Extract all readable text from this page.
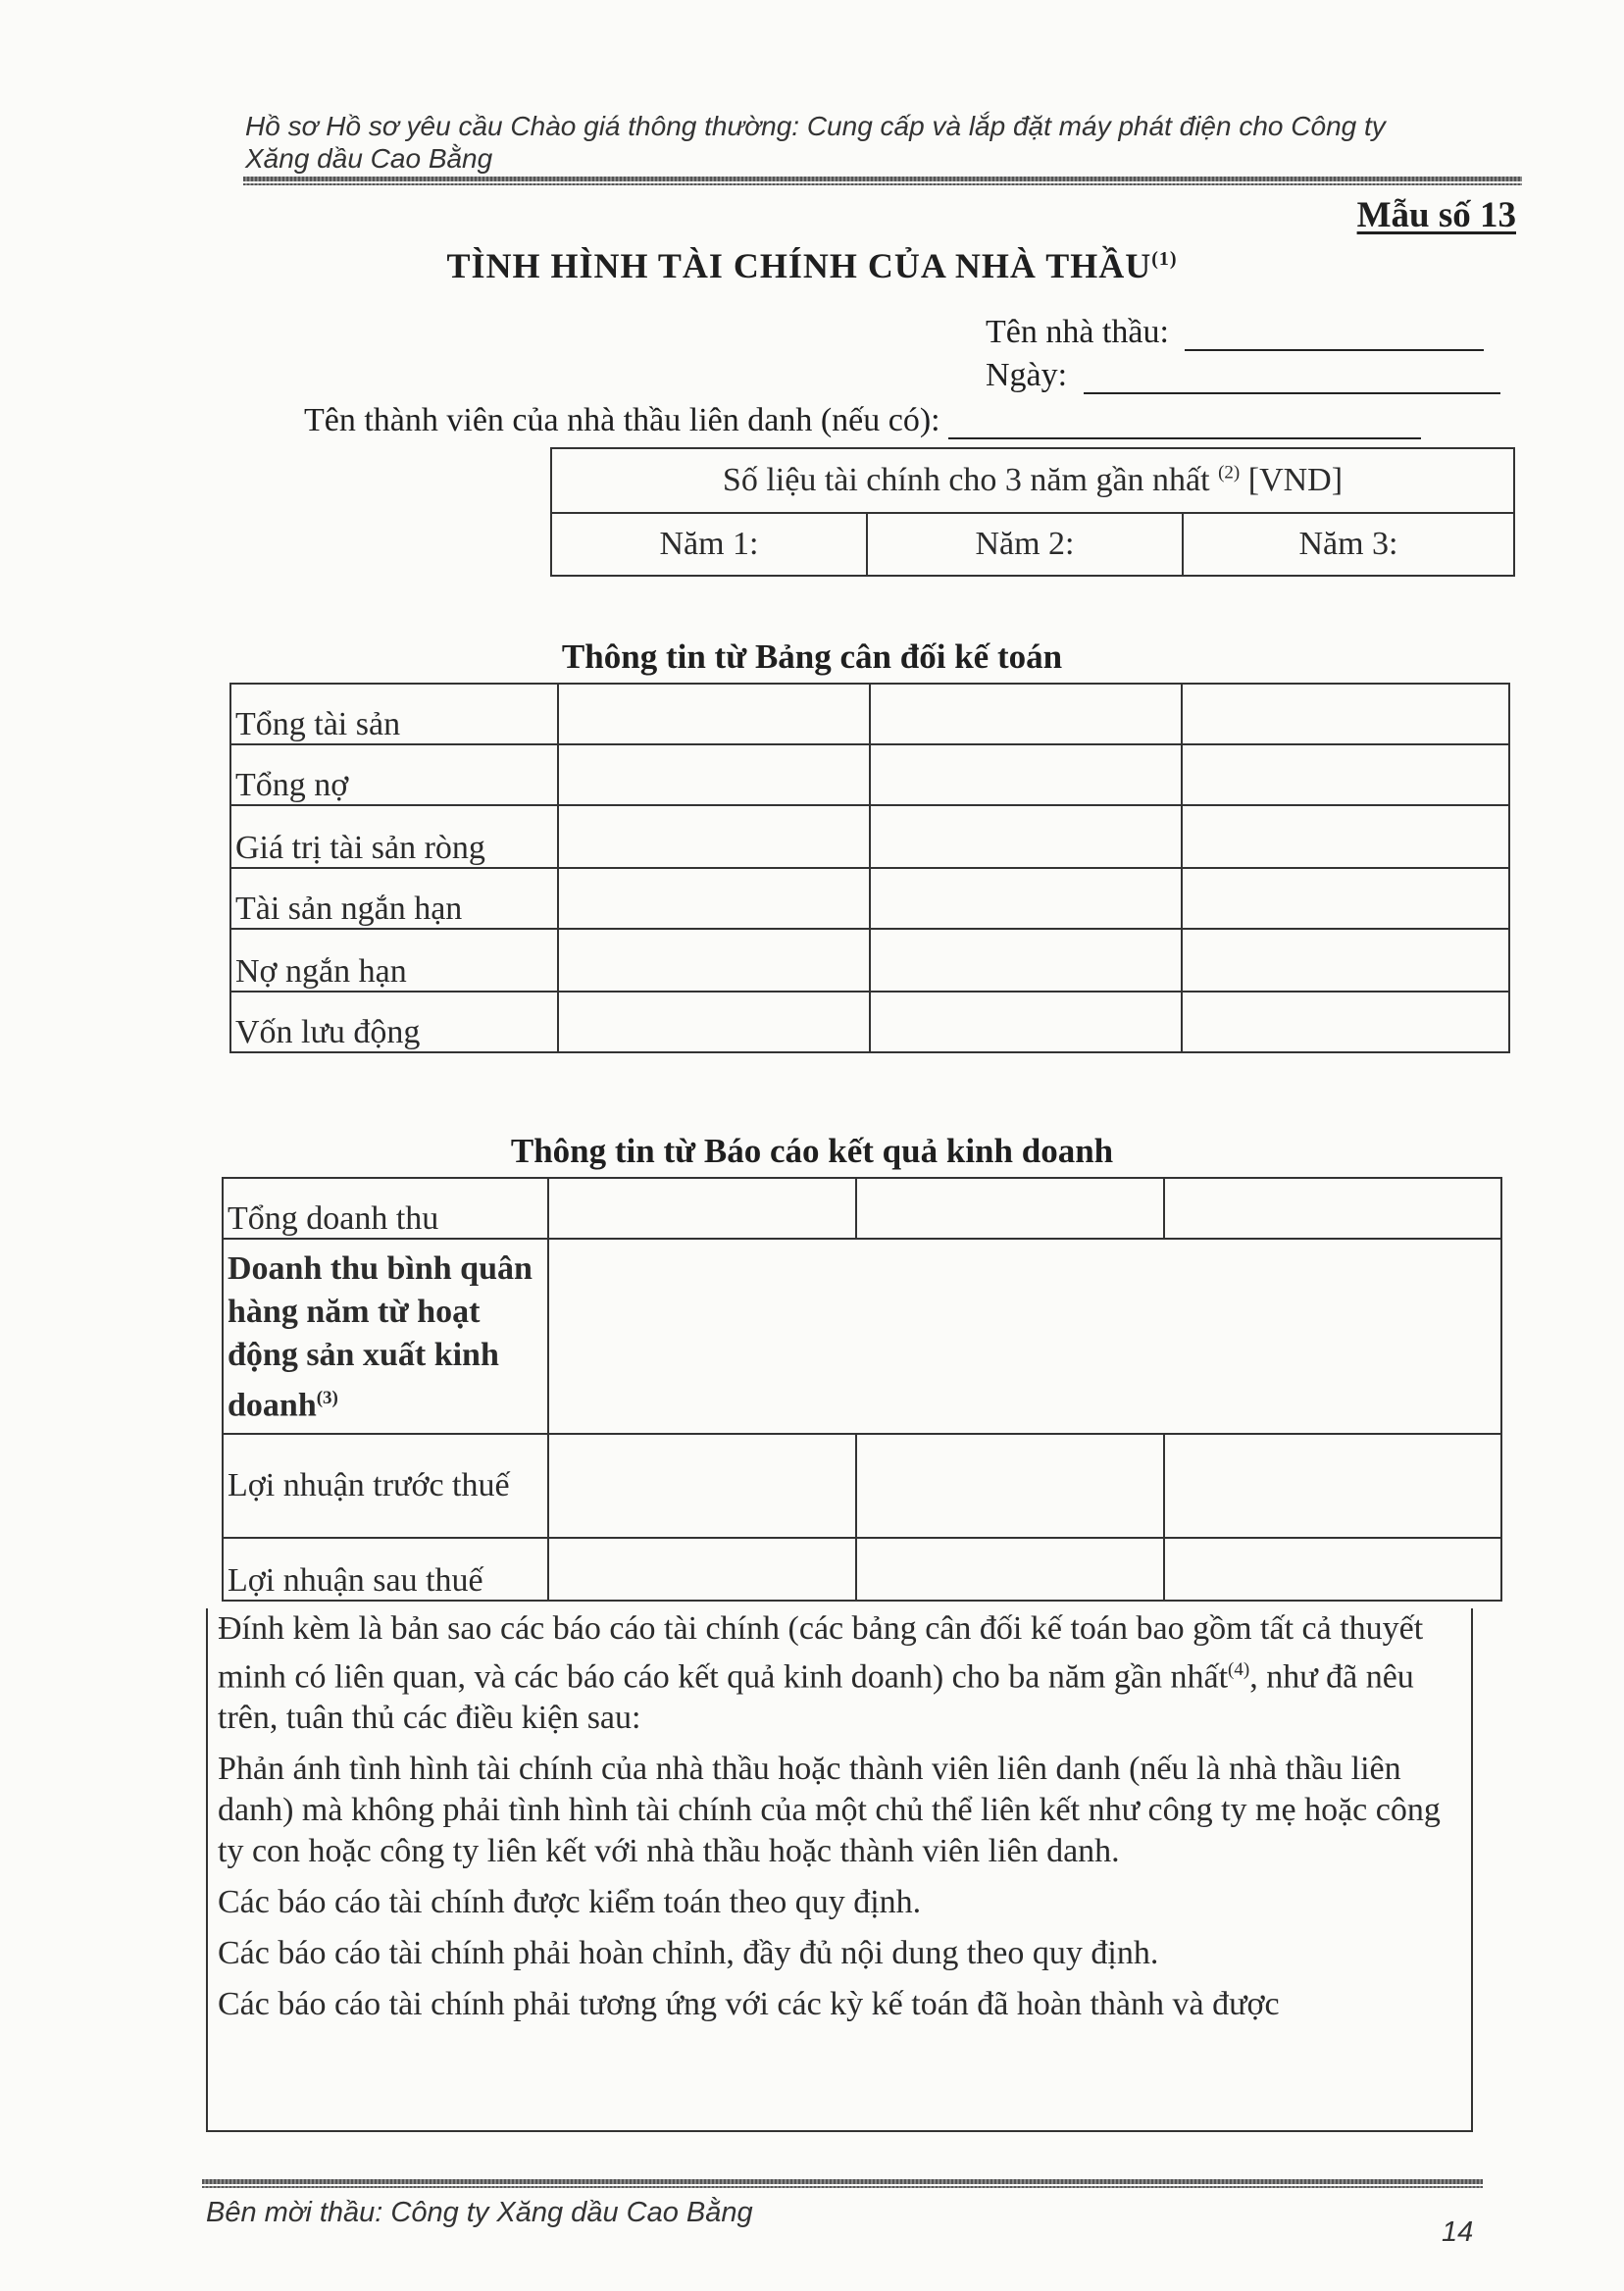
Hồ sơ Hồ sơ yêu cầu Chào giá thông thường: Cung cấp và lắp đặt máy phát điện cho Công ty
Xăng dầu Cao Bằng
Mẫu số 13
TÌNH HÌNH TÀI CHÍNH CỦA NHÀ THẦU$^{(1)}$
Tên nhà thầu:
Ngày:
Tên thành viên của nhà thầu liên danh (nếu có):
Số liệu tài chính cho 3 năm gần nhất $^{(2)}$ [VND]
Năm 1:	Năm 2:	Năm 3:
Thông tin từ Bảng cân đối kế toán
Tổng tài sản			
Tổng nợ			
Giá trị tài sản ròng			
Tài sản ngắn hạn			
Nợ ngắn hạn			
Vốn lưu động			
Thông tin từ Báo cáo kết quả kinh doanh
Tổng doanh thu			
Doanh thu bình quân hàng năm từ hoạt động sản xuất kinh doanh$^{(3)}$	
Lợi nhuận trước thuế			
Lợi nhuận sau thuế			

Đính kèm là bản sao các báo cáo tài chính (các bảng cân đối kế toán bao gồm tất cả thuyết minh có liên quan, và các báo cáo kết quả kinh doanh) cho ba năm gần nhất$^{(4)}$, như đã nêu trên, tuân thủ các điều kiện sau:

Phản ánh tình hình tài chính của nhà thầu hoặc thành viên liên danh (nếu là nhà thầu liên danh) mà không phải tình hình tài chính của một chủ thể liên kết như công ty mẹ hoặc công ty con hoặc công ty liên kết với nhà thầu hoặc thành viên liên danh.

Các báo cáo tài chính được kiểm toán theo quy định.

Các báo cáo tài chính phải hoàn chỉnh, đầy đủ nội dung theo quy định.

Các báo cáo tài chính phải tương ứng với các kỳ kế toán đã hoàn thành và được

Bên mời thầu: Công ty Xăng dầu Cao Bằng
14
